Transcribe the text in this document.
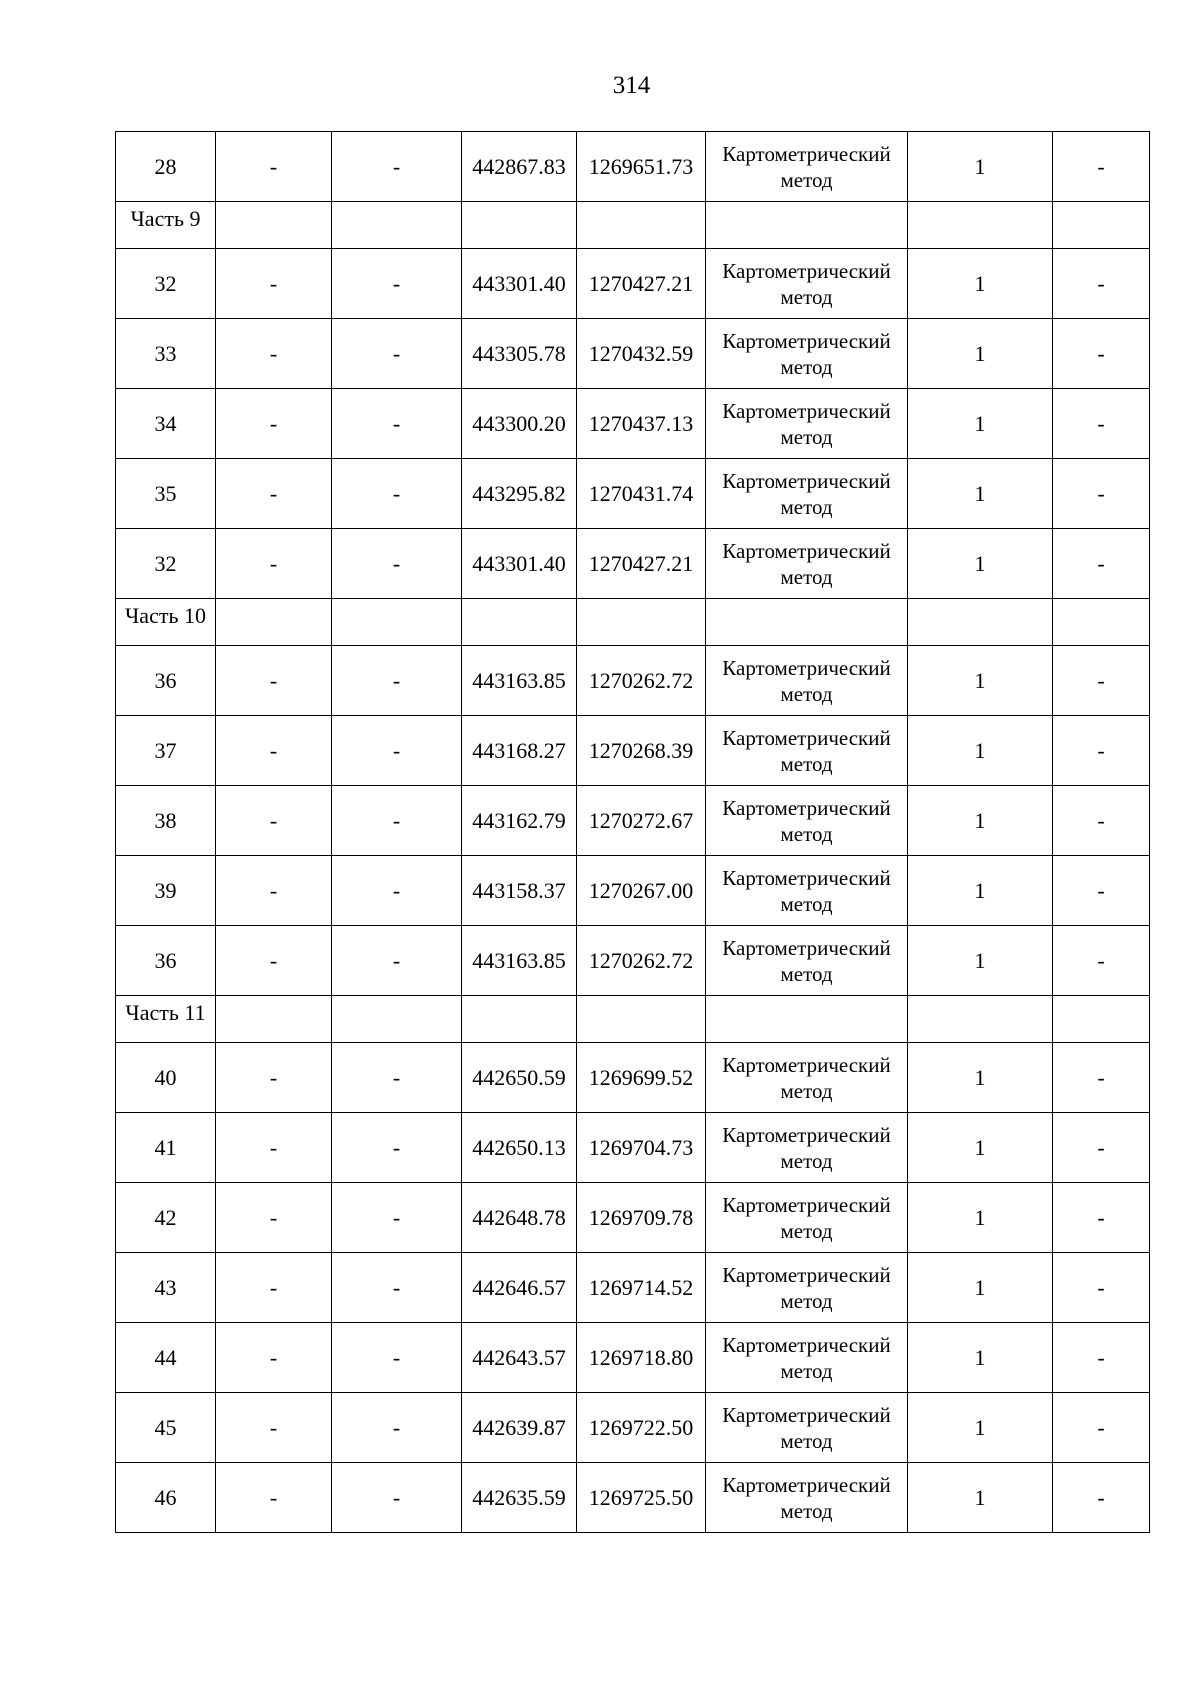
314
28	-	-	442867.83	1269651.73	Картометрический
метод	1	-
Часть 9							
32	-	-	443301.40	1270427.21	Картометрический
метод	1	-
33	-	-	443305.78	1270432.59	Картометрический
метод	1	-
34	-	-	443300.20	1270437.13	Картометрический
метод	1	-
35	-	-	443295.82	1270431.74	Картометрический
метод	1	-
32	-	-	443301.40	1270427.21	Картометрический
метод	1	-
Часть 10							
36	-	-	443163.85	1270262.72	Картометрический
метод	1	-
37	-	-	443168.27	1270268.39	Картометрический
метод	1	-
38	-	-	443162.79	1270272.67	Картометрический
метод	1	-
39	-	-	443158.37	1270267.00	Картометрический
метод	1	-
36	-	-	443163.85	1270262.72	Картометрический
метод	1	-
Часть 11							
40	-	-	442650.59	1269699.52	Картометрический
метод	1	-
41	-	-	442650.13	1269704.73	Картометрический
метод	1	-
42	-	-	442648.78	1269709.78	Картометрический
метод	1	-
43	-	-	442646.57	1269714.52	Картометрический
метод	1	-
44	-	-	442643.57	1269718.80	Картометрический
метод	1	-
45	-	-	442639.87	1269722.50	Картометрический
метод	1	-
46	-	-	442635.59	1269725.50	Картометрический
метод	1	-
